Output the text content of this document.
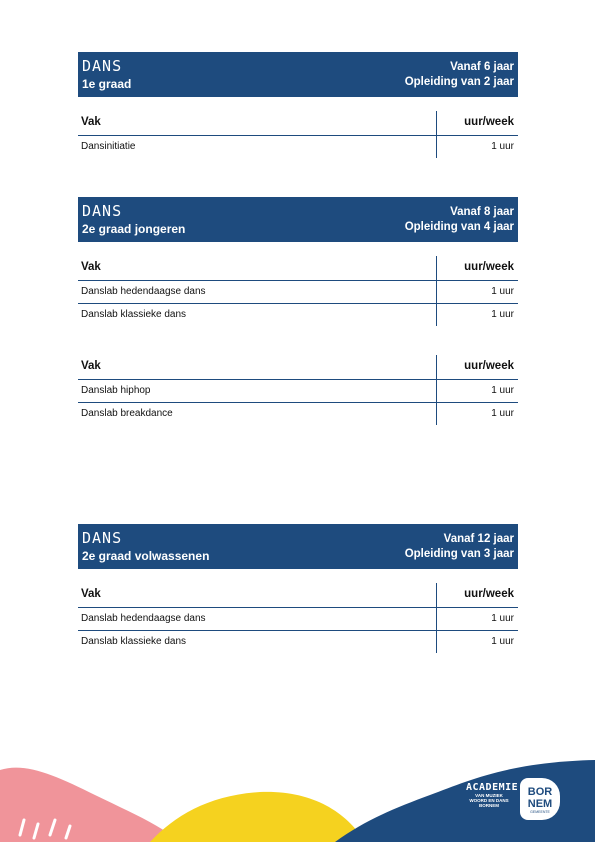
DANS
1e graad
Vanaf 6 jaar
Opleiding van 2 jaar
Vak	uur/week
Dansinitiatie	1 uur
DANS
2e graad jongeren
Vanaf 8 jaar
Opleiding van 4 jaar
Vak	uur/week
Danslab hedendaagse dans	1 uur
Danslab klassieke dans	1 uur
Vak	uur/week
Danslab hiphop	1 uur
Danslab breakdance	1 uur
DANS
2e graad volwassenen
Vanaf 12 jaar
Opleiding van 3 jaar
Vak	uur/week
Danslab hedendaagse dans	1 uur
Danslab klassieke dans	1 uur
ACADEMIE
VAN MUZIEK
WOORD EN DANS
BORNEM
BOR
NEM
GEMEENTE
